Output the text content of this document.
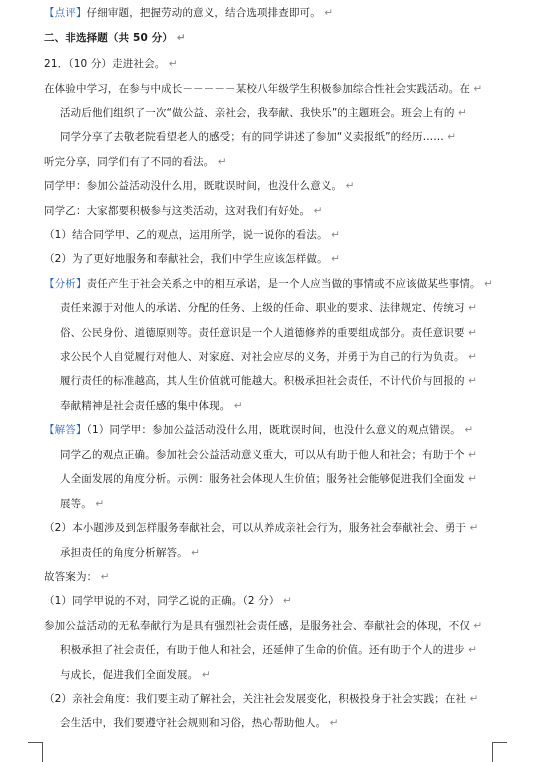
【点评】仔细审题，把握劳动的意义，结合选项排查即可。 ↵
二、非选择题（共 50 分） ↵
21．（10 分）走进社会。 ↵
在体验中学习，在参与中成长－－－－－某校八年级学生积极参加综合性社会实践活动。在 ↵
活动后他们组织了一次“做公益、亲社会，我奉献、我快乐”的主题班会。班会上有的 ↵
同学分享了去敬老院看望老人的感受；有的同学讲述了参加“义卖报纸”的经历…… ↵
听完分享，同学们有了不同的看法。 ↵
同学甲：参加公益活动没什么用，既耽误时间，也没什么意义。 ↵
同学乙：大家都要积极参与这类活动，这对我们有好处。 ↵
（1）结合同学甲、乙的观点，运用所学，说一说你的看法。 ↵
（2）为了更好地服务和奉献社会，我们中学生应该怎样做。 ↵
【分析】责任产生于社会关系之中的相互承诺，是一个人应当做的事情或不应该做某些事情。 ↵
责任来源于对他人的承诺、分配的任务、上级的任命、职业的要求、法律规定、传统习 ↵
俗、公民身份、道德原则等。责任意识是一个人道德修养的重要组成部分。责任意识要 ↵
求公民个人自觉履行对他人、对家庭、对社会应尽的义务，并勇于为自己的行为负责。 ↵
履行责任的标准越高，其人生价值就可能越大。积极承担社会责任，不计代价与回报的 ↵
奉献精神是社会责任感的集中体现。 ↵
【解答】（1）同学甲：参加公益活动没什么用，既耽误时间，也没什么意义的观点错误。 ↵
同学乙的观点正确。参加社会公益活动意义重大，可以从有助于他人和社会；有助于个 ↵
人全面发展的角度分析。示例：服务社会体现人生价值；服务社会能够促进我们全面发 ↵
展等。 ↵
（2）本小题涉及到怎样服务奉献社会，可以从养成亲社会行为，服务社会奉献社会、勇于 ↵
承担责任的角度分析解答。 ↵
故答案为： ↵
（1）同学甲说的不对，同学乙说的正确。（2 分） ↵
参加公益活动的无私奉献行为是具有强烈社会责任感，是服务社会、奉献社会的体现，不仅 ↵
积极承担了社会责任，有助于他人和社会，还延伸了生命的价值。还有助于个人的进步 ↵
与成长，促进我们全面发展。 ↵
（2）亲社会角度：我们要主动了解社会，关注社会发展变化，积极投身于社会实践；在社 ↵
会生活中，我们要遵守社会规则和习俗，热心帮助他人。 ↵
